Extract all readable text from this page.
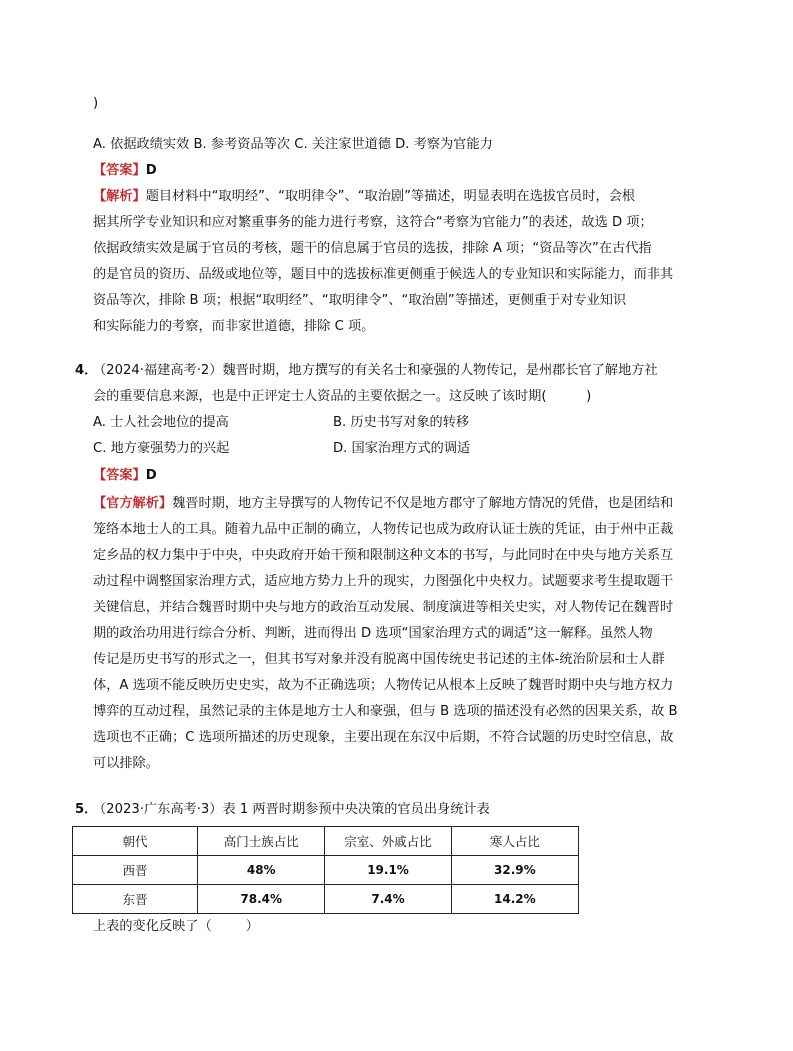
)
A. 依据政绩实效 B. 参考资品等次 C. 关注家世道德 D. 考察为官能力
【答案】D
【解析】题目材料中“取明经”、“取明律令”、“取治剧”等描述，明显表明在选拔官员时，会根
据其所学专业知识和应对繁重事务的能力进行考察，这符合“考察为官能力”的表述，故选 D 项；
依据政绩实效是属于官员的考核，题干的信息属于官员的选拔，排除 A 项；“资品等次”在古代指
的是官员的资历、品级或地位等，题目中的选拔标准更侧重于候选人的专业知识和实际能力，而非其
资品等次，排除 B 项；根据“取明经”、“取明律令”、“取治剧”等描述，更侧重于对专业知识
和实际能力的考察，而非家世道德，排除 C 项。
4．
（2024·福建高考·2）魏晋时期，地方撰写的有关名士和豪强的人物传记，是州郡长官了解地方社
会的重要信息来源，也是中正评定士人资品的主要依据之一。这反映了该时期(　　　)
A. 士人社会地位的提高	B. 历史书写对象的转移
C. 地方豪强势力的兴起	D. 国家治理方式的调适
【答案】D
【官方解析】魏晋时期，地方主导撰写的人物传记不仅是地方郡守了解地方情况的凭借，也是团结和
笼络本地士人的工具。随着九品中正制的确立，人物传记也成为政府认证士族的凭证，由于州中正裁
定乡品的权力集中于中央，中央政府开始干预和限制这种文本的书写，与此同时在中央与地方关系互
动过程中调整国家治理方式，适应地方势力上升的现实，力图强化中央权力。试题要求考生提取题干
关键信息，并结合魏晋时期中央与地方的政治互动发展、制度演进等相关史实，对人物传记在魏晋时
期的政治功用进行综合分析、判断，进而得出 D 选项“国家治理方式的调适”这一解释。虽然人物
传记是历史书写的形式之一，但其书写对象并没有脱离中国传统史书记述的主体-统治阶层和士人群
体，A 选项不能反映历史史实，故为不正确选项；人物传记从根本上反映了魏晋时期中央与地方权力
博弈的互动过程，虽然记录的主体是地方士人和豪强，但与 B 选项的描述没有必然的因果关系，故 B
选项也不正确；C 选项所描述的历史现象，主要出现在东汉中后期，不符合试题的历史时空信息，故
可以排除。
5．
（2023·广东高考·3）表 1 两晋时期参预中央决策的官员出身统计表
朝代	高门士族占比	宗室、外戚占比	寒人占比
西晋	48%	19.1%	32.9%
东晋	78.4%	7.4%	14.2%
上表的变化反映了（	）
